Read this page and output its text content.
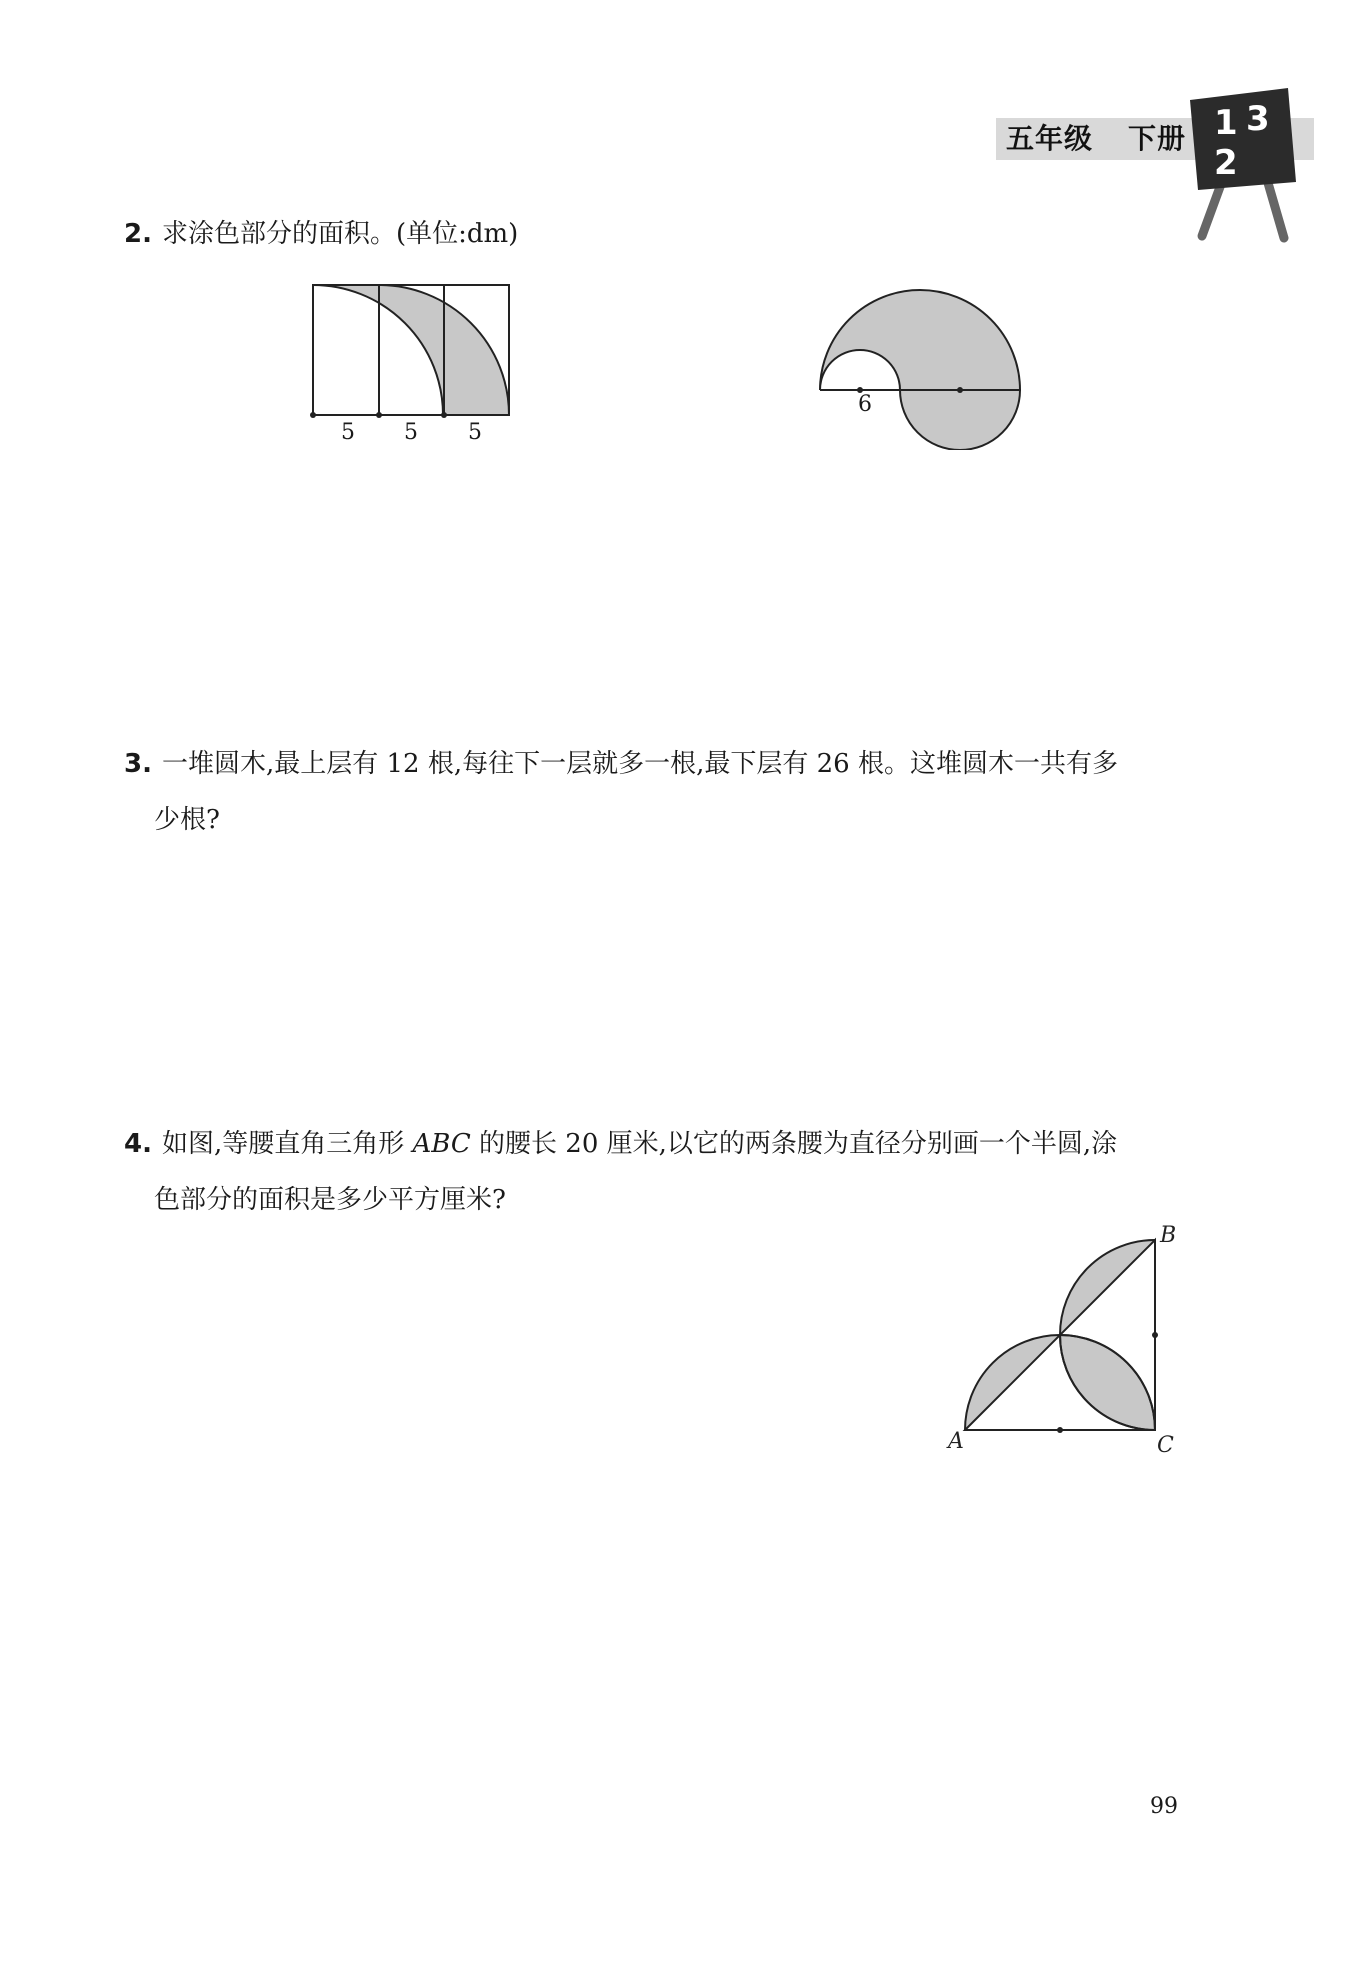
五年级 下册 1 3
2
2. 求涂色部分的面积。(单位:dm)
5 5 5
6
3. 一堆圆木,最上层有 12 根,每往下一层就多一根,最下层有 26 根。这堆圆木一共有多
少根?
4. 如图,等腰直角三角形 ABC 的腰长 20 厘米,以它的两条腰为直径分别画一个半圆,涂
色部分的面积是多少平方厘米?
A
B
C
99
